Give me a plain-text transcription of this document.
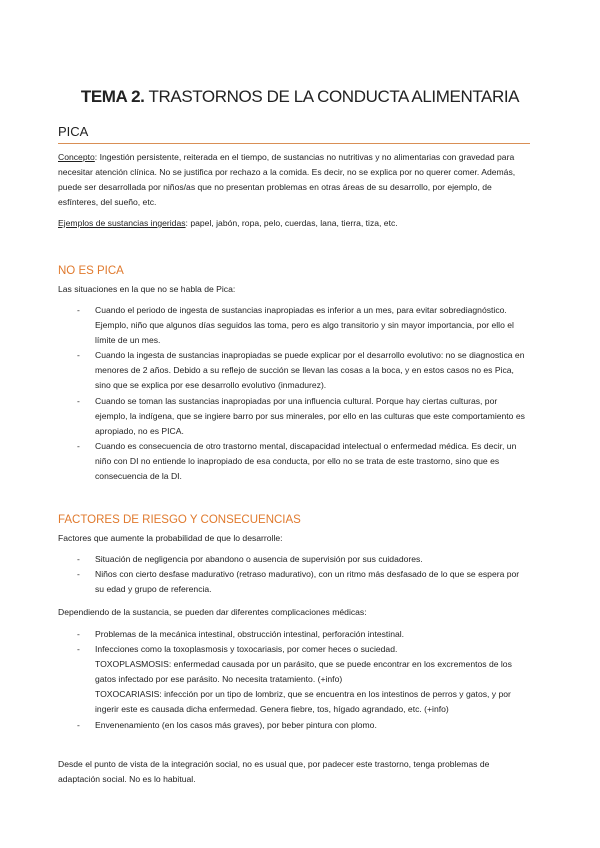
TEMA 2. TRASTORNOS DE LA CONDUCTA ALIMENTARIA
PICA
Concepto: Ingestión persistente, reiterada en el tiempo, de sustancias no nutritivas y no alimentarias con gravedad para necesitar atención clínica. No se justifica por rechazo a la comida. Es decir, no se explica por no querer comer. Además, puede ser desarrollada por niños/as que no presentan problemas en otras áreas de su desarrollo, por ejemplo, de esfínteres, del sueño, etc.
Ejemplos de sustancias ingeridas: papel, jabón, ropa, pelo, cuerdas, lana, tierra, tiza, etc.
NO ES PICA
Las situaciones en la que no se habla de Pica:
- Cuando el periodo de ingesta de sustancias inapropiadas es inferior a un mes, para evitar sobrediagnóstico. Ejemplo, niño que algunos días seguidos las toma, pero es algo transitorio y sin mayor importancia, por ello el límite de un mes.
- Cuando la ingesta de sustancias inapropiadas se puede explicar por el desarrollo evolutivo: no se diagnostica en menores de 2 años. Debido a su reflejo de succión se llevan las cosas a la boca, y en estos casos no es Pica, sino que se explica por ese desarrollo evolutivo (inmadurez).
- Cuando se toman las sustancias inapropiadas por una influencia cultural. Porque hay ciertas culturas, por ejemplo, la indígena, que se ingiere barro por sus minerales, por ello en las culturas que este comportamiento es apropiado, no es PICA.
- Cuando es consecuencia de otro trastorno mental, discapacidad intelectual o enfermedad médica. Es decir, un niño con DI no entiende lo inapropiado de esa conducta, por ello no se trata de este trastorno, sino que es consecuencia de la DI.
FACTORES DE RIESGO Y CONSECUENCIAS
Factores que aumente la probabilidad de que lo desarrolle:
- Situación de negligencia por abandono o ausencia de supervisión por sus cuidadores.
- Niños con cierto desfase madurativo (retraso madurativo), con un ritmo más desfasado de lo que se espera por su edad y grupo de referencia.
Dependiendo de la sustancia, se pueden dar diferentes complicaciones médicas:
- Problemas de la mecánica intestinal, obstrucción intestinal, perforación intestinal.
- Infecciones como la toxoplasmosis y toxocariasis, por comer heces o suciedad.
TOXOPLASMOSIS: enfermedad causada por un parásito, que se puede encontrar en los excrementos de los gatos infectado por ese parásito. No necesita tratamiento. (+info)
TOXOCARIASIS: infección por un tipo de lombriz, que se encuentra en los intestinos de perros y gatos, y por ingerir este es causada dicha enfermedad. Genera fiebre, tos, hígado agrandado, etc. (+info)
- Envenenamiento (en los casos más graves), por beber pintura con plomo.
Desde el punto de vista de la integración social, no es usual que, por padecer este trastorno, tenga problemas de adaptación social. No es lo habitual.
